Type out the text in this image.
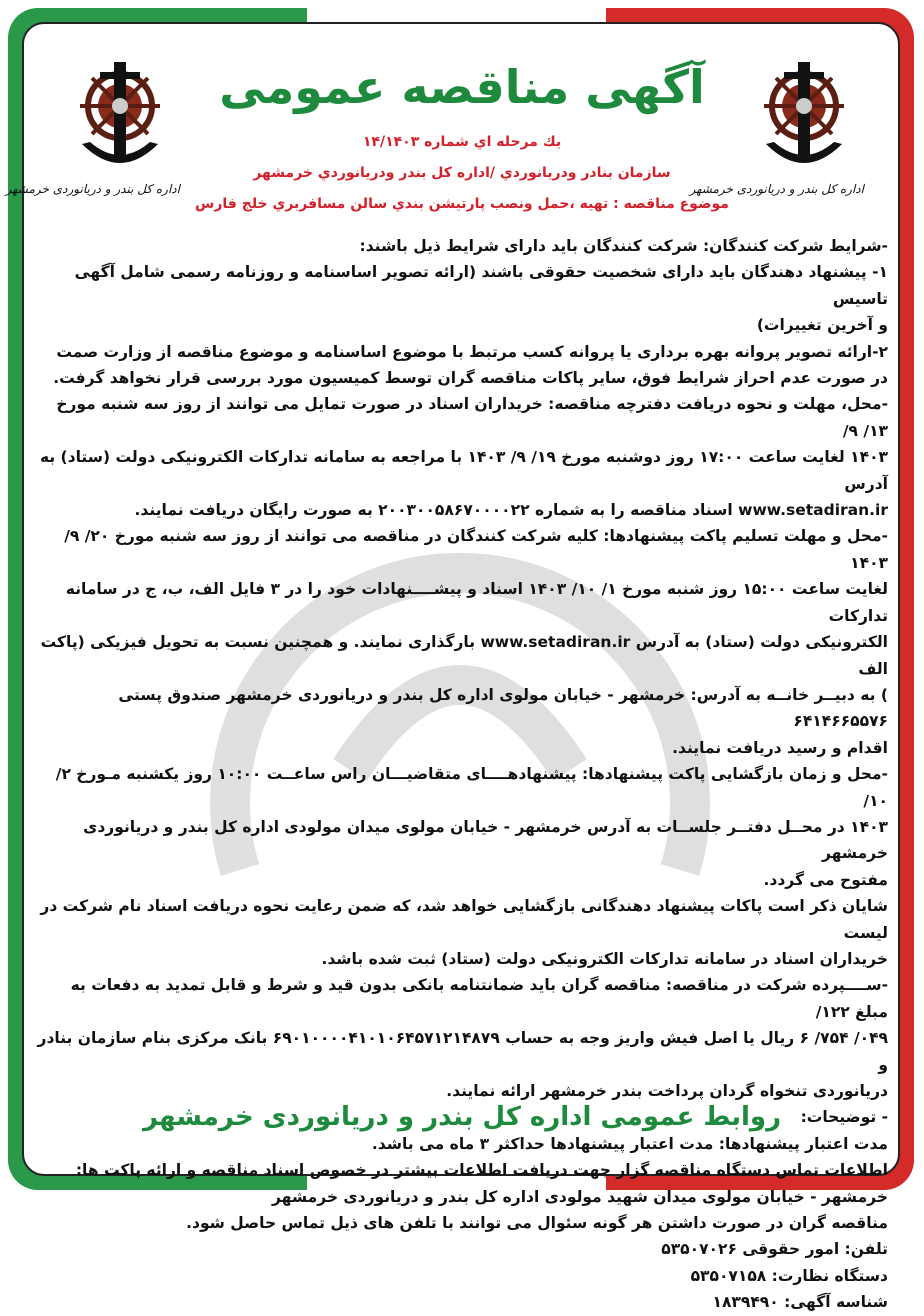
اداره کل بندر و دریانوردی خرمشهر
آگهی مناقصه عمومی
يك مرحله اي شماره ۱۴/۱۴۰۳
سازمان بنادر ودريانوردي /اداره كل بندر ودريانوردي خرمشهر
موضوع مناقصه : تهيه ،حمل ونصب پارتيشن بندي سالن مسافربري خلج فارس
اداره کل بندر و دریانوردی خرمشهر

-شرایط شرکت کنندگان: شرکت کنندگان باید دارای شرایط ذیل باشند:

۱- پیشنهاد دهندگان باید دارای شخصیت حقوقی باشند (ارائه تصویر اساسنامه و روزنامه رسمی شامل آگهی تاسیس

و آخرین تغییرات)

۲-ارائه تصویر پروانه بهره برداری یا پروانه کسب مرتبط با موضوع اساسنامه و موضوع مناقصه از وزارت صمت

در صورت عدم احراز شرایط فوق، سایر پاکات مناقصه گران توسط کمیسیون مورد بررسی قرار نخواهد گرفت.

-محل، مهلت و نحوه دریافت دفترچه مناقصه: خریداران اسناد در صورت تمایل می توانند از روز سه شنبه مورخ ۱۳/ ۹/

۱۴۰۳ لغایت ساعت ۱۷:۰۰ روز دوشنبه مورخ ۱۹/ ۹/ ۱۴۰۳ با مراجعه به سامانه تدارکات الکترونیکی دولت (ستاد) به آدرس

www.setadiran.ir اسناد مناقصه را به شماره ۲۰۰۳۰۰۵۸۶۷۰۰۰۰۲۲ به صورت رایگان دریافت نمایند.

-محل و مهلت تسلیم پاکت پیشنهادها: کلیه شرکت کنندگان در مناقصه می توانند از روز سه شنبه مورخ ۲۰/ ۹/ ۱۴۰۳

لغایت ساعت ۱۵:۰۰ روز شنبه مورخ ۱/ ۱۰/ ۱۴۰۳ اسناد و پیشــــنهادات خود را در ۳ فایل الف، ب، ج در سامانه تدارکات

الکترونیکی دولت (ستاد) به آدرس www.setadiran.ir بارگذاری نمایند. و همچنین نسبت به تحویل فیزیکی (پاکت الف

) به دبیــر خانــه به آدرس: خرمشهر - خیابان مولوی اداره کل بندر و دریانوردی خرمشهر صندوق پستی ۶۴۱۴۶۶۵۵۷۶

اقدام و رسید دریافت نمایند.

-محل و زمان بازگشایی پاکت پیشنهادها: پیشنهادهــــای متقاضیـــان راس ساعــت ۱۰:۰۰ روز یکشنبه مـورخ ۲/ ۱۰/

۱۴۰۳ در محــل دفتــر جلســات به آدرس خرمشهر - خیابان مولوی میدان مولودی اداره کل بندر و دریانوردی خرمشهر

مفتوح می گردد.

شایان ذکر است پاکات پیشنهاد دهندگانی بازگشایی خواهد شد، که ضمن رعایت نحوه دریافت اسناد نام شرکت در لیست

خریداران اسناد در سامانه تدارکات الکترونیکی دولت (ستاد) ثبت شده باشد.

-ســــپرده شرکت در مناقصه: مناقصه گران باید ضمانتنامه بانکی بدون قید و شرط و قابل تمدید به دفعات به مبلغ ۱۲۲/

۰۴۹/ ۷۵۴/ ۶ ریال یا اصل فیش واریز وجه به حساب ۶۹۰۱۰۰۰۰۴۱۰۱۰۶۴۵۷۱۲۱۴۸۷۹ بانک مرکزی بنام سازمان بنادر و

دریانوردی تنخواه گردان پرداخت بندر خرمشهر ارائه نمایند.

- توضیحات:

مدت اعتبار پیشنهادها: مدت اعتبار پیشنهادها حداکثر ۳ ماه می باشد.

اطلاعات تماس دستگاه مناقصه گزار جهت دریافت اطلاعات بیشتر در خصوص اسناد مناقصه و ارائه پاکت ها:

خرمشهر - خیابان مولوی میدان شهید مولودی اداره کل بندر و دریانوردی خرمشهر

مناقصه گران در صورت داشتن هر گونه سئوال می توانند با تلفن های ذیل تماس حاصل شود.

تلفن: امور حقوقی ۵۳۵۰۷۰۲۶

دستگاه نظارت: ۵۳۵۰۷۱۵۸

شناسه آگهی: ۱۸۳۹۴۹۰

روابط عمومی اداره کل بندر و دریانوردی خرمشهر
